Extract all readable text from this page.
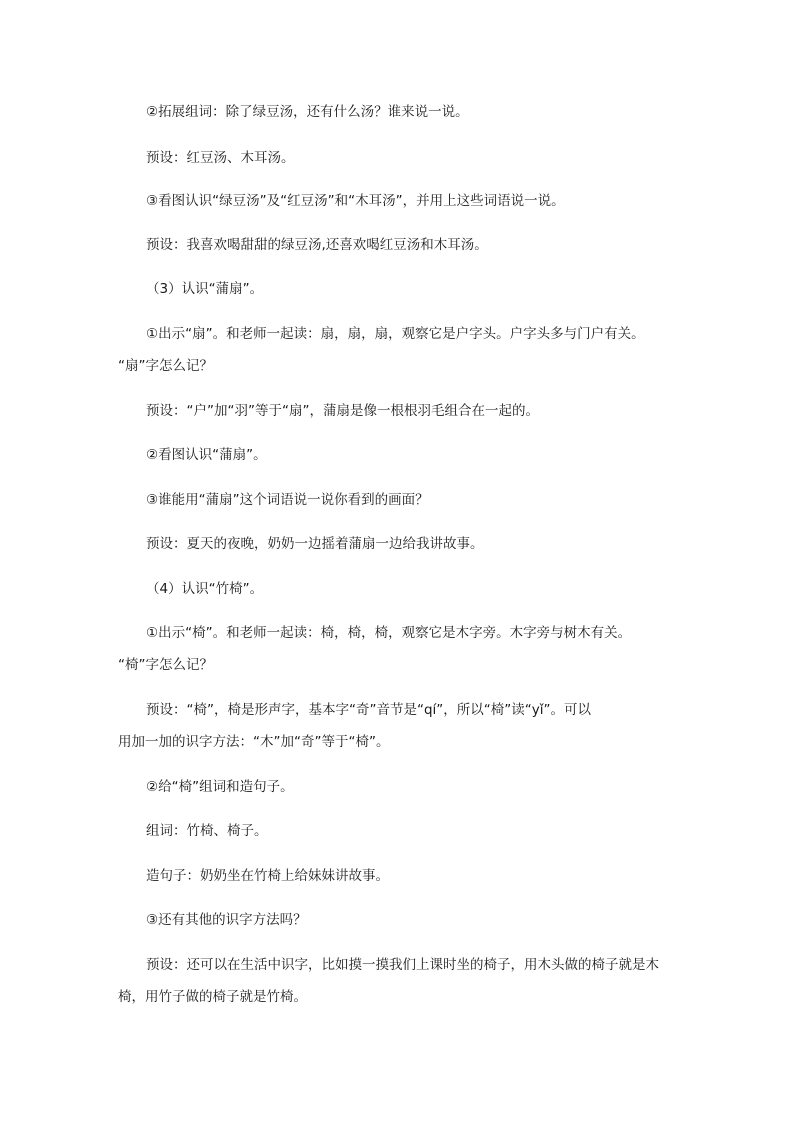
②拓展组词：除了绿豆汤，还有什么汤？谁来说一说。

预设：红豆汤、木耳汤。

③看图认识“绿豆汤”及“红豆汤”和“木耳汤”，并用上这些词语说一说。

预设：我喜欢喝甜甜的绿豆汤,还喜欢喝红豆汤和木耳汤。

（3）认识“蒲扇”。

①出示“扇”。和老师一起读：扇，扇，扇，观察它是户字头。户字头多与门户有关。
“扇”字怎么记？

预设：“户”加“羽”等于“扇”，蒲扇是像一根根羽毛组合在一起的。

②看图认识“蒲扇”。

③谁能用“蒲扇”这个词语说一说你看到的画面？

预设：夏天的夜晚，奶奶一边摇着蒲扇一边给我讲故事。

（4）认识“竹椅”。

①出示“椅”。和老师一起读：椅，椅，椅，观察它是木字旁。木字旁与树木有关。
“椅”字怎么记？

预设：“椅”，椅是形声字，基本字“奇”音节是“qí”，所以“椅”读“yǐ”。可以
用加一加的识字方法：“木”加“奇”等于“椅”。

②给“椅”组词和造句子。

组词：竹椅、椅子。

造句子：奶奶坐在竹椅上给妹妹讲故事。

③还有其他的识字方法吗？

预设：还可以在生活中识字，比如摸一摸我们上课时坐的椅子，用木头做的椅子就是木
椅，用竹子做的椅子就是竹椅。
